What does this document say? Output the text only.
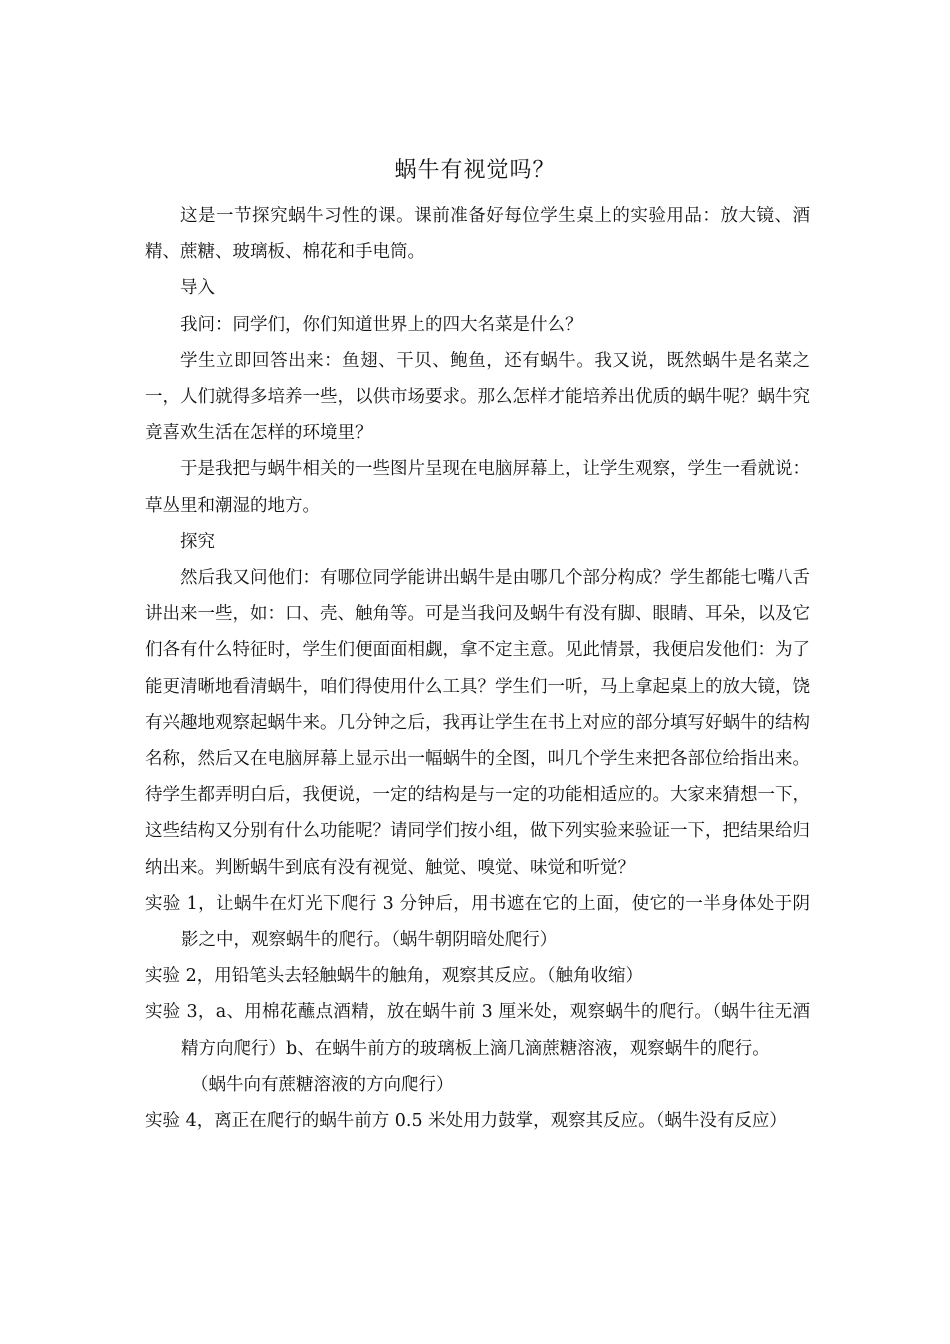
蜗牛有视觉吗？

这是一节探究蜗牛习性的课。课前准备好每位学生桌上的实验用品：放大镜、酒精、蔗糖、玻璃板、棉花和手电筒。

导入

我问：同学们，你们知道世界上的四大名菜是什么？

学生立即回答出来：鱼翅、干贝、鲍鱼，还有蜗牛。我又说，既然蜗牛是名菜之一，人们就得多培养一些，以供市场要求。那么怎样才能培养出优质的蜗牛呢？蜗牛究竟喜欢生活在怎样的环境里？

于是我把与蜗牛相关的一些图片呈现在电脑屏幕上，让学生观察，学生一看就说：草丛里和潮湿的地方。

探究

然后我又问他们：有哪位同学能讲出蜗牛是由哪几个部分构成？学生都能七嘴八舌讲出来一些，如：口、壳、触角等。可是当我问及蜗牛有没有脚、眼睛、耳朵，以及它们各有什么特征时，学生们便面面相觑，拿不定主意。见此情景，我便启发他们：为了能更清晰地看清蜗牛，咱们得使用什么工具？学生们一听，马上拿起桌上的放大镜，饶有兴趣地观察起蜗牛来。几分钟之后，我再让学生在书上对应的部分填写好蜗牛的结构名称，然后又在电脑屏幕上显示出一幅蜗牛的全图，叫几个学生来把各部位给指出来。待学生都弄明白后，我便说，一定的结构是与一定的功能相适应的。大家来猜想一下，这些结构又分别有什么功能呢？请同学们按小组，做下列实验来验证一下，把结果给归纳出来。判断蜗牛到底有没有视觉、触觉、嗅觉、味觉和听觉？

实验 1，让蜗牛在灯光下爬行 3 分钟后，用书遮在它的上面，使它的一半身体处于阴影之中，观察蜗牛的爬行。（蜗牛朝阴暗处爬行）

实验 2，用铅笔头去轻触蜗牛的触角，观察其反应。（触角收缩）

实验 3，a、用棉花蘸点酒精，放在蜗牛前 3 厘米处，观察蜗牛的爬行。（蜗牛往无酒精方向爬行）b、在蜗牛前方的玻璃板上滴几滴蔗糖溶液，观察蜗牛的爬行。

（蜗牛向有蔗糖溶液的方向爬行）

实验 4，离正在爬行的蜗牛前方 0.5 米处用力鼓掌，观察其反应。（蜗牛没有反应）
